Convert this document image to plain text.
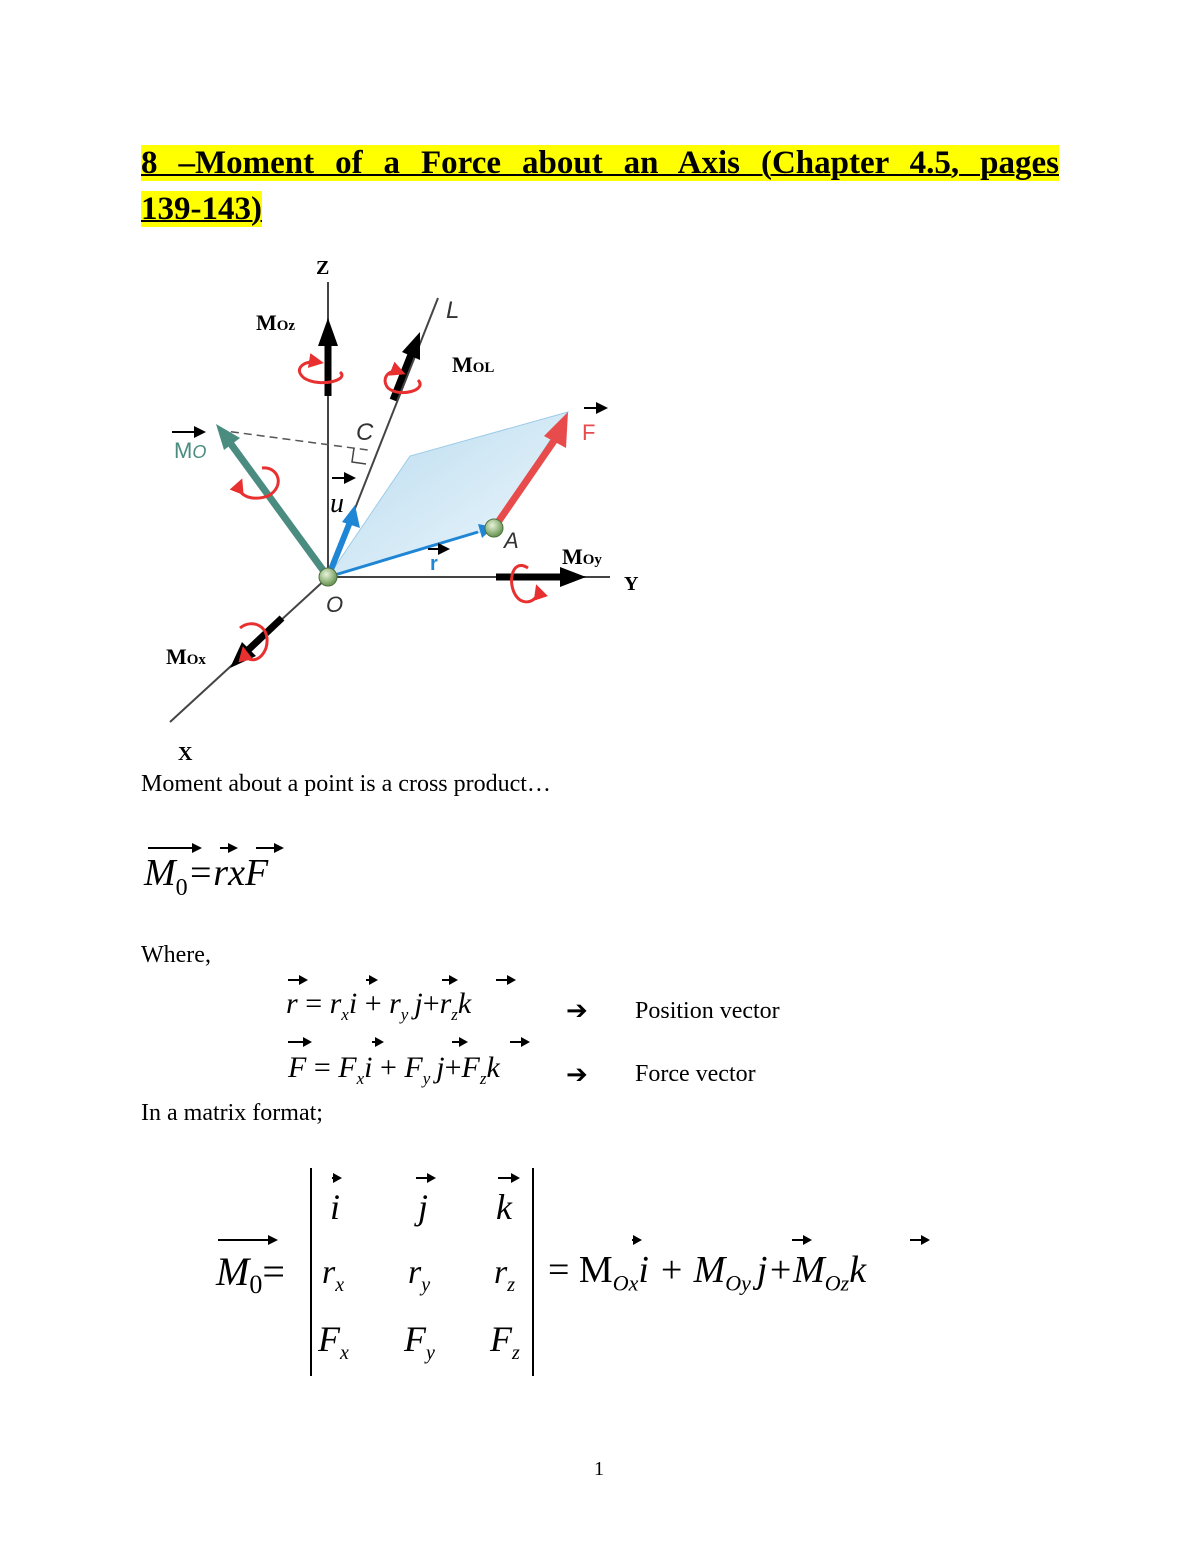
8 –Moment of a Force about an Axis (Chapter 4.5, pages
139-143)
Z
Y
X
L
MOz
MOL
MOy
MOx
MO
C
A
O
u
r
F
Moment about a point is a cross product…
$M_0=rxF$
Where,
$r = r_xi + r_y$ $j+r_zk$	➔ Position vector
$F = F_xi + F_y$ $j+F_zk$	➔ Force vector
In a matrix format;
$M_0=$
i j k
$r_x$ $r_y$ $r_z$
$F_x$ $F_y$ $F_z$
= $M_{Ox}i + M_{Oy}$ $j+M_{Oz}k$
1
